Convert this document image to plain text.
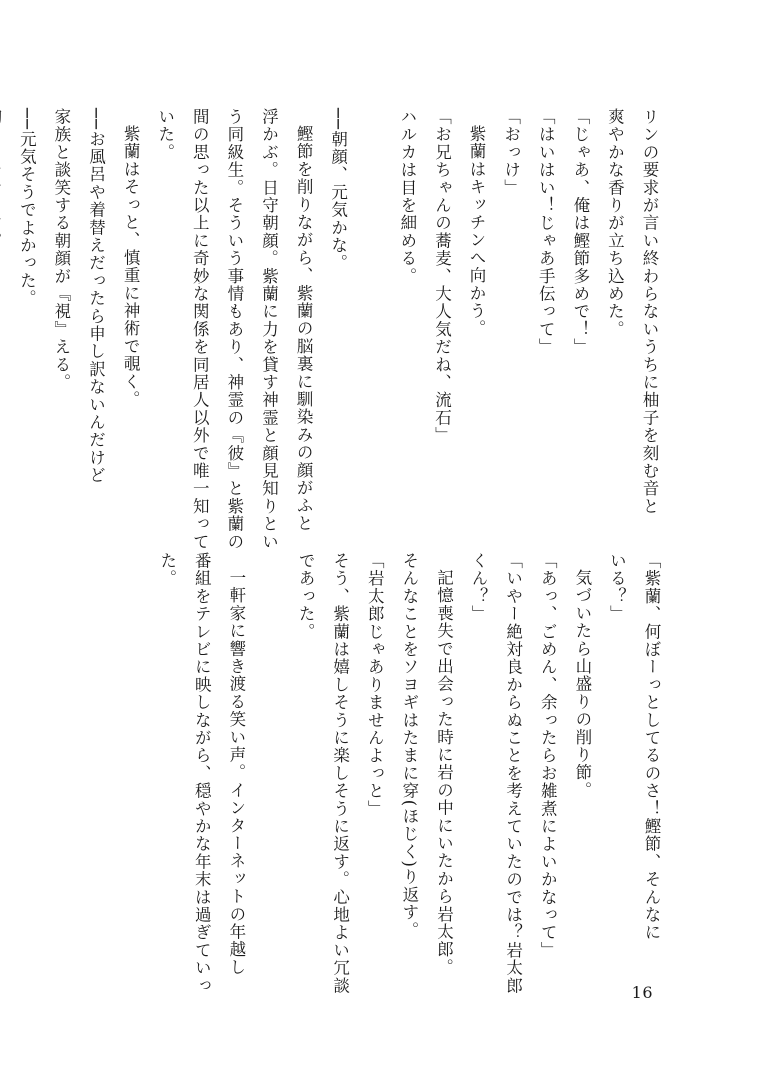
リンの要求が言い終わらないうちに柚子を刻む音と
爽やかな香りが立ち込めた。
「じゃあ、俺は鰹節多めで！」
「はいはい！じゃあ手伝って」
「おっけ」
紫蘭はキッチンへ向かう。
「お兄ちゃんの蕎麦、大人気だね、流石」
ハルカは目を細める。

──朝顔、元気かな。
鰹節を削りながら、紫蘭の脳裏に馴染みの顔がふと
浮かぶ。日守朝顔。紫蘭に力を貸す神霊と顔見知りとい
う同級生。そういう事情もあり、神霊の『彼』と紫蘭の
間の思った以上に奇妙な関係を同居人以外で唯一知って
いた。
紫蘭はそっと、慎重に神術で覗く。
──お風呂や着替えだったら申し訳ないんだけど
家族と談笑する朝顔が『視』える。
──元気そうでよかった。
「紫蘭、何ぼーっとしてるのさ！鰹節、そんなに
いる？」
気づいたら山盛りの削り節。
「あっ、ごめん、余ったらお雑煮によいかなって」
「いやー絶対良からぬことを考えていたのでは？岩太郎
くん？」
記憶喪失で出会った時に岩の中にいたから岩太郎。
そんなことをソヨギはたまに穿(ほじく)り返す。
「岩太郎じゃありませんよっと」
そう、紫蘭は嬉しそうに楽しそうに返す。心地よい冗談
であった。

一軒家に響き渡る笑い声。インターネットの年越し
番組をテレビに映しながら、穏やかな年末は過ぎていっ
た。
16
